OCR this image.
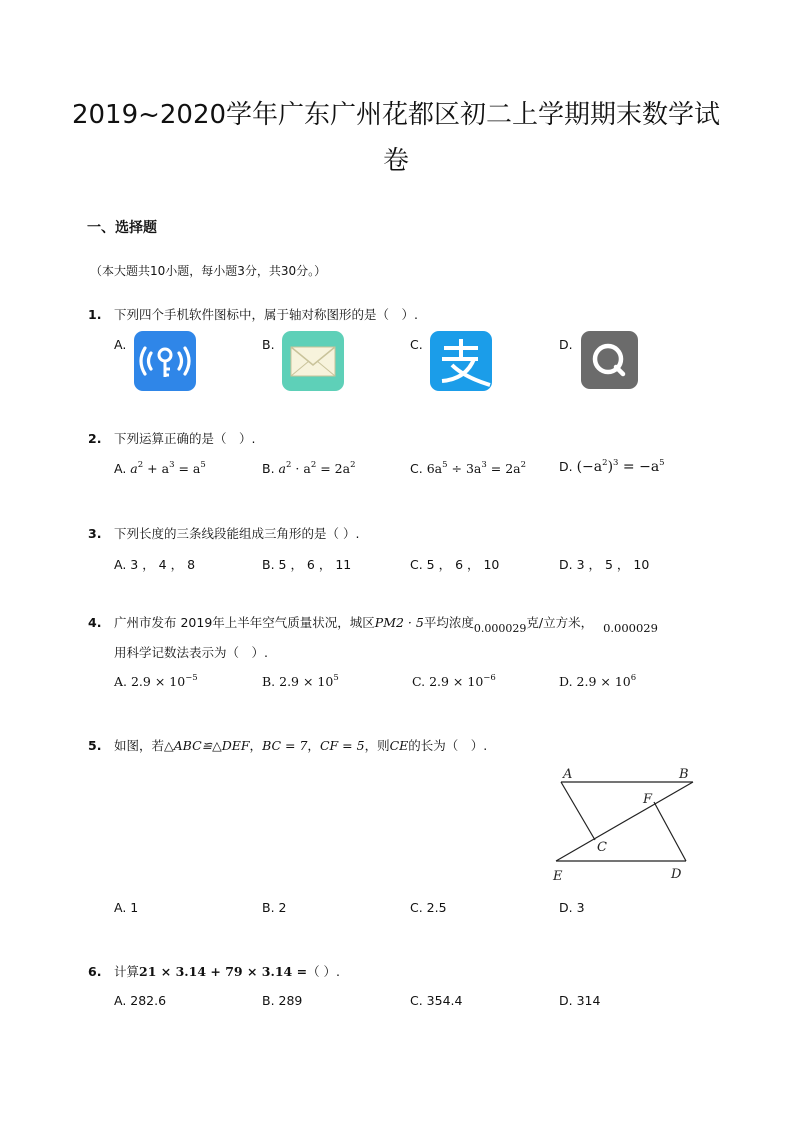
2019~2020学年广东广州花都区初二上学期期末数学试
卷
一、选择题
（本大题共10小题，每小题3分，共30分。）
1. 下列四个手机软件图标中，属于轴对称图形的是（　）.
A.	B.	C.	D.
2. 下列运算正确的是（　）.
A. $a^2 + a^3 = a^5$	B. $a^2 \cdot a^2 = 2a^2$	C. $6a^5 \div 3a^3 = 2a^2$	D. $(-a^2)^3 = -a^5$
3. 下列长度的三条线段能组成三角形的是（ ）.
A. 3 ， 4 ， 8	B. 5 ， 6 ， 11	C. 5 ， 6 ， 10	D. 3 ， 5 ， 10
4. 广州市发布 2019年上半年空气质量状况，城区PM2 · 5平均浓度0.000029克/立方米， 0.000029
用科学记数法表示为（　）.
A. $2.9 \times 10^{-5}$	B. $2.9 \times 10^5$	C. $2.9 \times 10^{-6}$	D. $2.9 \times 10^6$
5. 如图，若△ABC≌△DEF，BC = 7，CF = 5，则CE的长为（　）.
A	B
F
C
E	D
A. 1	B. 2	C. 2.5	D. 3
6. 计算21 × 3.14 + 79 × 3.14 =（ ）.
A. 282.6	B. 289	C. 354.4	D. 314
